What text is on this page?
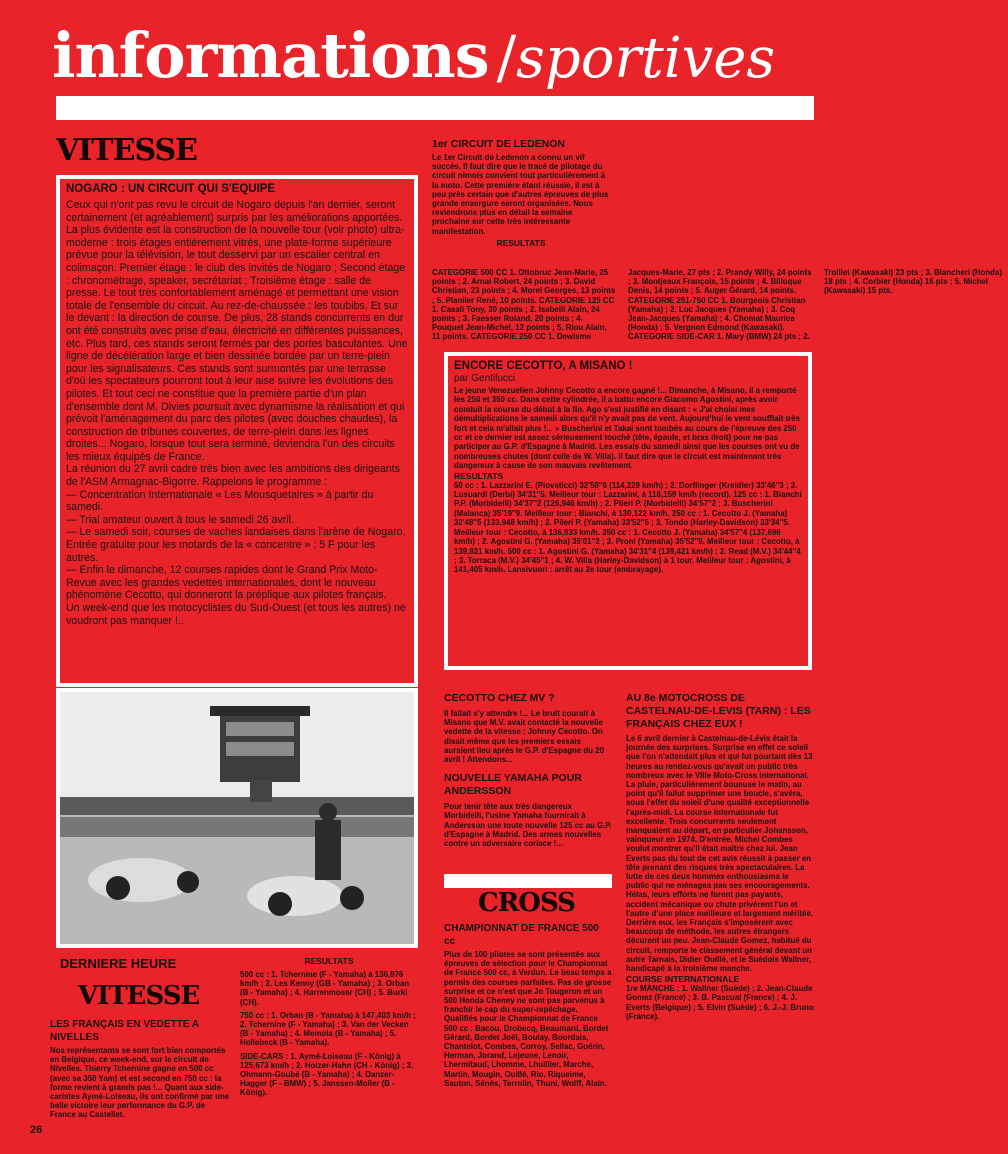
informations /sportives
VITESSE
NOGARO : UN CIRCUIT QUI S'EQUIPE

Ceux qui n'ont pas revu le circuit de Nogaro depuis l'an dernier, seront certainement (et agréablement) surpris par les améliorations apportées. La plus évidente est la construction de la nouvelle tour (voir photo) ultra-moderne : trois étages entièrement vitrés, une plate-forme supérieure prévue pour la télévision, le tout desservi par un escalier central en colimaçon. Premier étage : le club des invités de Nogaro ; Second étage : chronométrage, speaker, secrétariat ; Troisième étage : salle de presse. Le tout très confortablement aménagé et permettant une vision totale de l'ensemble du circuit. Au rez-de-chaussée : les toubibs. Et sur le devant : la direction de course. De plus, 28 stands concurrents en dur ont été construits avec prise d'eau, électricité en différentes puissances, etc. Plus tard, ces stands seront fermés par des portes basculantes. Une ligne de décélération large et bien dessinée bordée par un terre-plein pour les signalisateurs. Ces stands sont surmontés par une terrasse d'où les spectateurs pourront tout à leur aise suivre les évolutions des pilotes. Et tout ceci ne constitue que la première partie d'un plan d'ensemble dont M. Divies poursuit avec dynamisme la réalisation et qui prévoit l'aménagement du parc des pilotes (avec douches chaudes), la construction de tribunes couvertes, de terre-plein dans les lignes droites... Nogaro, lorsque tout sera terminé, deviendra l'un des circuits les mieux équipés de France.

La réunion du 27 avril cadre très bien avec les ambitions des dirigeants de l'ASM Armagnac-Bigorre. Rappelons le programme :

— Concentration Internationale « Les Mousquetaires » à partir du samedi.

— Trial amateur ouvert à tous le samedi 26 avril.

— Le samedi soir, courses de vaches landaises dans l'arène de Nogaro. Entrée gratuite pour les motards de la « concentre » : 5 F pour les autres.

— Enfin le dimanche, 12 courses rapides dont le Grand Prix Moto-Revue avec les grandes vedettes internationales, dont le nouveau phénomène Cecotto, qui donneront la préplique aux pilotes français.

Un week-end que les motocyclistes du Sud-Ouest (et tous les autres) ne voudront pas manquer !..

1er CIRCUIT DE LEDENON
Le 1er Circuit de Ledenon a connu un vif succès. Il faut dire que le tracé de pilotage du circuit nimois convient tout particulièrement à la moto. Cette première étant réussie, il est à peu près certain que d'autres épreuves de plus grande envergure seront organisées. Nous reviendrons plus en détail la semaine prochaine sur cette très intéressante manifestation.
RESULTATS
CATEGORIE 500 CC 1. Ottobruc Jean-Marie, 25 points ; 2. Arnal Robert, 24 points ; 3. David Christian, 23 points ; 4. Morel Georges, 13 points ; 5. Planiler René, 10 points. CATEGORIE 125 CC 1. Casali Tony, 30 points ; 2. Isabelli Alain, 24 points ; 3. Faesser Roland, 20 points ; 4. Pouquet Jean-Michel, 12 points ; 5. Riou Alain, 11 points. CATEGORIE 250 CC 1. Dewisme Jacques-Marie, 27 pts ; 2. Prandy Willy, 24 points ; 3. Montjeaux François, 15 points ; 4. Billoque Denis, 14 points ; 5. Auger Gérard, 14 points. CATEGORIE 251-750 CC 1. Bourgeois Christian (Yamaha) ; 2. Luc Jacques (Yamaha) ; 3. Coq Jean-Jacques (Yamaha) ; 4. Chomat Maurice (Honda) ; 5. Vergnon Edmond (Kawasaki). CATEGORIE SIDE-CAR 1. Mary (BMW) 24 pts ; 2. Trolliet (Kawasaki) 23 pts ; 3. Blancheri (Honda) 18 pts ; 4. Corbier (Honda) 16 pts ; 5. Michel (Kawasaki) 15 pts.
ENCORE CECOTTO, A MISANO !
par Gentilucci
Le jeune Venezuelien Johnny Cecotto a encore gagné !... Dimanche, à Misano, il a remporté les 250 et 350 cc. Dans cette cylindrée, il a battu encore Giacomo Agostini, après avoir conduit la course du début à la fin. Ago s'est justifié en disant : « J'ai choisi mes démultiplications le samedi alors qu'il n'y avait pas de vent. Aujourd'hui le vent soufflait très fort et cela m'allait plus !... » Buscherini et Takai sont tombés au cours de l'épreuve des 250 cc et ce dernier est assez sérieusement touché (tête, épaule, et bras droit) pour ne pas participer au G.P. d'Espagne à Madrid. Les essais du samedi ainsi que les courses ont vu de nombreuses chutes (dont celle de W. Villa). Il faut dire que le circuit est maintenant très dangereux à cause de son mauvais revêtement.
RESULTATS
50 cc : 1. Lazzarini E. (Piovaticci) 32'58''6 (114,229 km/h) ; 2. Dorflinger (Kreidler) 33'46''3 ; 3. Lusuardi (Derbi) 34'31''5. Meilleur tour : Lazzarini, à 116,159 km/h (record). 125 cc : 1. Bianchi P.P. (Morbidelli) 34'37''2 (126,946 km/h) ; 2. Pileri P. (Morbidelli) 34'57''2 ; 3. Buscherini (Malanca) 35'19''9. Meilleur tour : Bianchi, à 130,122 km/h. 250 cc : 1. Cecotto J. (Yamaha) 32'48''5 (133,948 km/h) ; 2. Pileri P. (Yamaha) 33'52''5 ; 3. Tondo (Harley-Davidson) 33'34''5. Meilleur tour : Cecotto, à 136,933 km/h. 350 cc : 1. Cecotto J. (Yamaha) 34'57''4 (137,696 km/h) ; 2. Agostini G. (Yamaha) 35'01''2 ; 3. Proni (Yamaha) 35'52''9. Meilleur tour : Cecotto, à 139,831 km/h. 500 cc : 1. Agostini G. (Yamaha) 34'31''4 (139,421 km/h) ; 2. Read (M.V.) 34'44''4 ; 3. Torraca (M.V.) 34'45''1 ; 4. W. Villa (Harley-Davidson) à 1 tour. Meilleur tour : Agostini, à 141,405 km/h. Lansivuori : arrêt au 2e tour (embrayage).
CECOTTO CHEZ MV ?
Il fallait s'y attendre !... Le bruit courait à Misano que M.V. avait contacté la nouvelle vedette de la vitesse : Johnny Cecotto. On disait même que les premiers essais auraient lieu après le G.P. d'Espagne du 20 avril ! Attendons...
NOUVELLE YAMAHA POUR ANDERSSON
Pour tenir tête aux très dangereux Morbidelli, l'usine Yamaha fournirait à Andersson une toute nouvelle 125 cc au G.P. d'Espagne à Madrid. Des armes nouvelles contre un adversaire coriace !...
CROSS
CHAMPIONNAT DE FRANCE 500 cc
Plus de 100 pilotes se sont présentés aux épreuves de sélection pour le Championnat de France 500 cc, à Verdun. Le beau temps a permis des courses parfaites. Pas de grosse surprise et ce n'est que Jo Tougeron et un 500 Honda Cheney ne sont pas parvenus à franchir le cap du super-repêchage. Qualifiés pour le Championnat de France 500 cc : Bacou, Drobecq, Beaumard, Bordet Gérard, Bordet Joël, Boulay, Bourdais, Chantelot, Combes, Corroy, Sellac, Guérin, Herman, Jorand, Lejeune, Lenoir, Lhermitaud, Lhomme, Lhuillier, Marche, Martin, Mougin, Ouillé, Rio, Riqueime, Sauton, Sénès, Terrolin, Thuni, Wolff, Alain.
AU 8e MOTOCROSS DE CASTELNAU-DE-LEVIS (TARN) : LES FRANÇAIS CHEZ EUX !
Le 6 avril dernier à Castelnau-de-Lévis était la journée des surprises. Surprise en effet ce soleil que l'on n'attendait plus et qui fut pourtant dès 13 heures au rendez-vous qu'avait un public très nombreux avec le VIIIe Moto-Cross International. La pluie, particulièrement boueuse le matin, au point qu'il fallut supprimer une boucle, s'avéra, sous l'effet du soleil d'une qualité exceptionnelle l'après-midi. La course internationale fut excellente. Trois concurrents seulement manquaient au départ, en particulier Johansson, vainqueur en 1974. D'entrée, Michel Combes voulut montrer qu'il était maître chez lui. Jean Everts pas du tout de cet avis réussit à passer en tête prenant des risques très spectaculaires. La lutte de ces deux hommes enthousiasma le public qui ne ménagea pas ses encouragements. Hélas, leurs efforts ne furent pas payants, accident mécanique ou chute privèrent l'un et l'autre d'une place meilleure et largement méritée. Derrière eux, les Français s'imposèrent avec beaucoup de méthode, les autres étrangers décurent un peu. Jean-Claude Gomez, habitué du circuit, remporte le classement général devant un autre Tarnais, Didier Ouillé, et le Suédois Wallner, handicapé à la troisième manche.
COURSE INTERNATIONALE
1re MANCHE : 1. Wallner (Suède) ; 2. Jean-Claude Gomez (France) ; 3. B. Pascual (France) ; 4. J. Everts (Belgique) ; 5. Elvin (Suède) ; 6. J.-J. Bruno (France).
DERNIERE HEURE
VITESSE
LES FRANÇAIS EN VEDETTE A NIVELLES
Nos représentants se sont fort bien comportés en Belgique, ce week-end, sur le circuit de Nivelles. Thierry Tchernine gagne en 500 cc (avec sa 350 Yam) et est second en 750 cc : la forme revient à grands pas !... Quant aux side-caristes Aymé-Loiseau, ils ont confirmé par une belle victoire leur performance du G.P. de France au Castellet.
RESULTATS
500 cc : 1. Tchernine (F - Yamaha) à 136,976 km/h ; 2. Les Kenny (GB - Yamaha) ; 3. Orban (B - Yamaha) ; 4. Harrenmoser (CH) ; 5. Burki (CH).
750 cc : 1. Orban (B - Yamaha) à 147,403 km/h ; 2. Tchernine (F - Yamaha) ; 3. Van der Vecken (B - Yamaha) ; 4. Memola (B - Yamaha) ; 5. Hollebeck (B - Yamaha).
SIDE-CARS : 1. Aymé-Loiseau (F - König) à 125,673 km/h ; 2. Holzer-Hahn (CH - König) ; 3. Ohmann-Goubé (B - Yamaha) ; 4. Danzer-Hagger (F - BMW) ; 5. Janssen-Moller (B - König).
26
